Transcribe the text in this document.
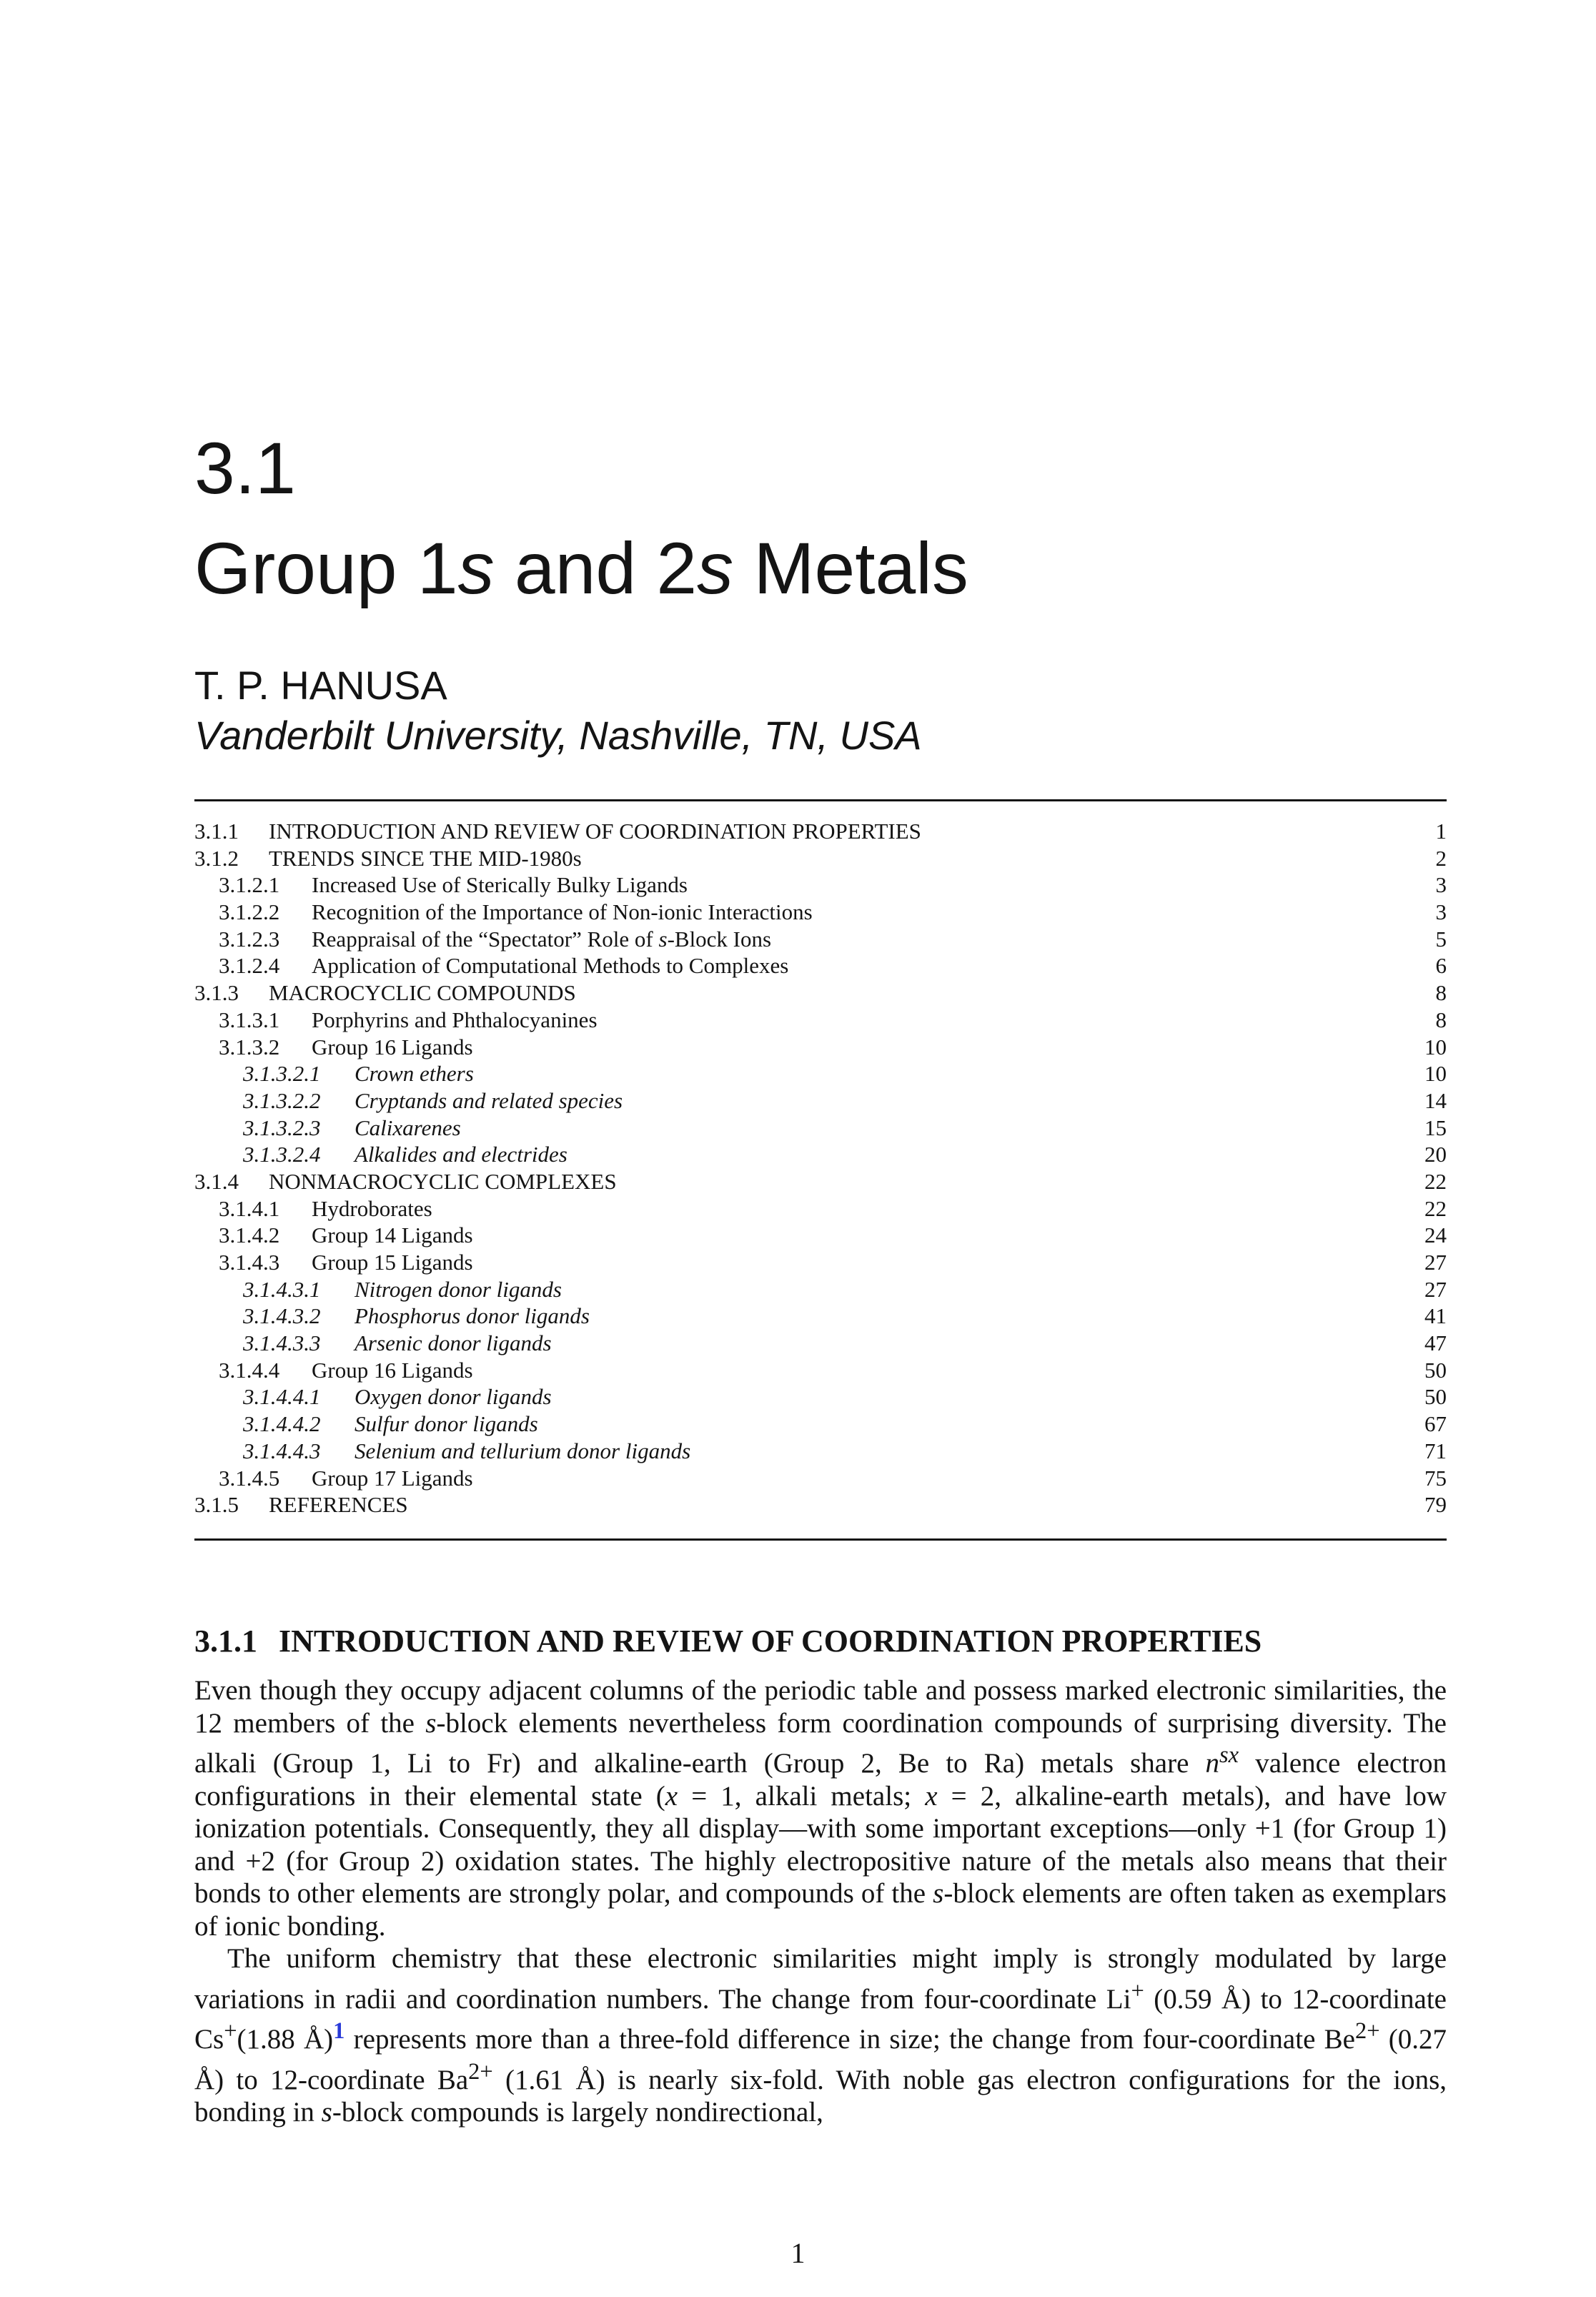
3.1
Group 1s and 2s Metals
T. P. HANUSA
Vanderbilt University, Nashville, TN, USA
3.1.1	INTRODUCTION AND REVIEW OF COORDINATION PROPERTIES	1
3.1.2	TRENDS SINCE THE MID-1980s	2
3.1.2.1	Increased Use of Sterically Bulky Ligands	3
3.1.2.2	Recognition of the Importance of Non-ionic Interactions	3
3.1.2.3	Reappraisal of the “Spectator” Role of s-Block Ions	5
3.1.2.4	Application of Computational Methods to Complexes	6
3.1.3	MACROCYCLIC COMPOUNDS	8
3.1.3.1	Porphyrins and Phthalocyanines	8
3.1.3.2	Group 16 Ligands	10
3.1.3.2.1	Crown ethers	10
3.1.3.2.2	Cryptands and related species	14
3.1.3.2.3	Calixarenes	15
3.1.3.2.4	Alkalides and electrides	20
3.1.4	NONMACROCYCLIC COMPLEXES	22
3.1.4.1	Hydroborates	22
3.1.4.2	Group 14 Ligands	24
3.1.4.3	Group 15 Ligands	27
3.1.4.3.1	Nitrogen donor ligands	27
3.1.4.3.2	Phosphorus donor ligands	41
3.1.4.3.3	Arsenic donor ligands	47
3.1.4.4	Group 16 Ligands	50
3.1.4.4.1	Oxygen donor ligands	50
3.1.4.4.2	Sulfur donor ligands	67
3.1.4.4.3	Selenium and tellurium donor ligands	71
3.1.4.5	Group 17 Ligands	75
3.1.5	REFERENCES	79
3.1.1 INTRODUCTION AND REVIEW OF COORDINATION PROPERTIES

Even though they occupy adjacent columns of the periodic table and possess marked electronic similarities, the 12 members of the s-block elements nevertheless form coordination compounds of surprising diversity. The alkali (Group 1, Li to Fr) and alkaline-earth (Group 2, Be to Ra) metals share $n^{sx}$ valence electron configurations in their elemental state (x = 1, alkali metals; x = 2, alkaline-earth metals), and have low ionization potentials. Consequently, they all display—with some important exceptions—only +1 (for Group 1) and +2 (for Group 2) oxidation states. The highly electropositive nature of the metals also means that their bonds to other elements are strongly polar, and compounds of the s-block elements are often taken as exemplars of ionic bonding.

The uniform chemistry that these electronic similarities might imply is strongly modulated by large variations in radii and coordination numbers. The change from four-coordinate Li+ (0.59 Å) to 12-coordinate Cs+(1.88 Å)$^1$ represents more than a three-fold difference in size; the change from four-coordinate $Be^{2+}$ (0.27 Å) to 12-coordinate $Ba^{2+}$ (1.61 Å) is nearly six-fold. With noble gas electron configurations for the ions, bonding in s-block compounds is largely nondirectional,

1
